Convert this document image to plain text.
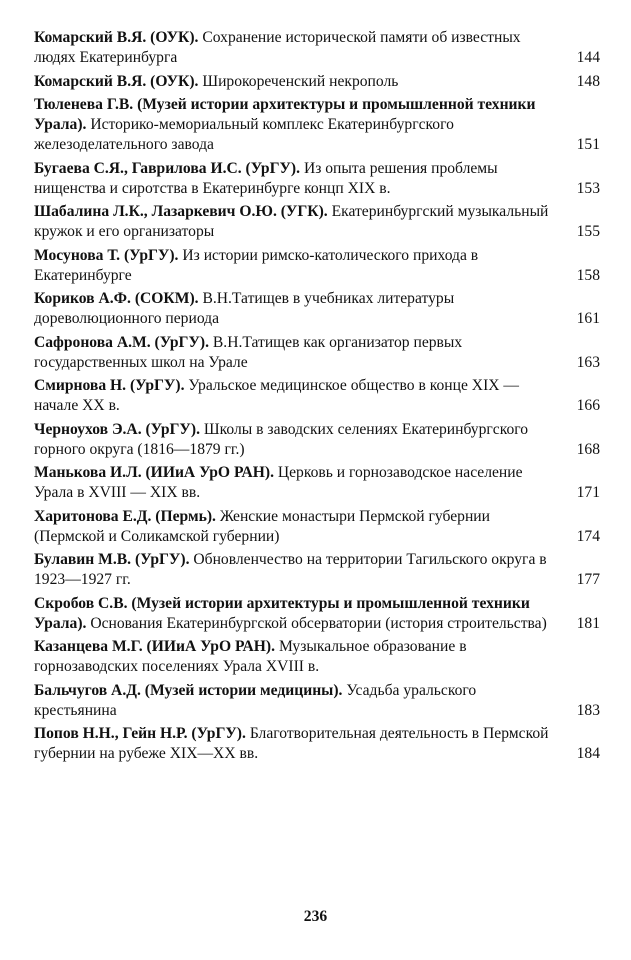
Комарский В.Я. (ОУК). Сохранение исторической памяти об известных людях Екатеринбурга	144
Комарский В.Я. (ОУК). Широкореченский некрополь	148
Тюленева Г.В. (Музей истории архитектуры и промышленной техники Урала). Историко-мемориальный комплекс Екатеринбургского железоделательного завода	151
Бугаева С.Я., Гаврилова И.С. (УрГУ). Из опыта решения проблемы нищенства и сиротства в Екатеринбурге концп XIX в.	153
Шабалина Л.К., Лазаркевич О.Ю. (УГК). Екатеринбургский музыкальный кружок и его организаторы	155
Мосунова Т. (УрГУ). Из истории римско-католического прихода в Екатеринбурге	158
Кориков А.Ф. (СОКМ). В.Н.Татищев в учебниках литературы дореволюционного периода	161
Сафронова А.М. (УрГУ). В.Н.Татищев как организатор первых государственных школ на Урале	163
Смирнова Н. (УрГУ). Уральское медицинское общество в конце XIX — начале XX в.	166
Черноухов Э.А. (УрГУ). Школы в заводских селениях Екатеринбургского горного округа (1816—1879 гг.)	168
Манькова И.Л. (ИИиА УрО РАН). Церковь и горнозаводское население Урала в XVIII — XIX вв.	171
Харитонова Е.Д. (Пермь). Женские монастыри Пермской губернии (Пермской и Соликамской губернии)	174
Булавин М.В. (УрГУ). Обновленчество на территории Тагильского округа в 1923—1927 гг.	177
Скробов С.В. (Музей истории архитектуры и промышленной техники Урала). Основания Екатеринбургской обсерватории (история строительства)	181
Казанцева М.Г. (ИИиА УрО РАН). Музыкальное образование в горнозаводских поселениях Урала XVIII в.
Бальчугов А.Д. (Музей истории медицины). Усадьба уральского крестьянина	183
Попов Н.Н., Гейн Н.Р. (УрГУ). Благотворительная деятельность в Пермской губернии на рубеже XIX—XX вв.	184
236
